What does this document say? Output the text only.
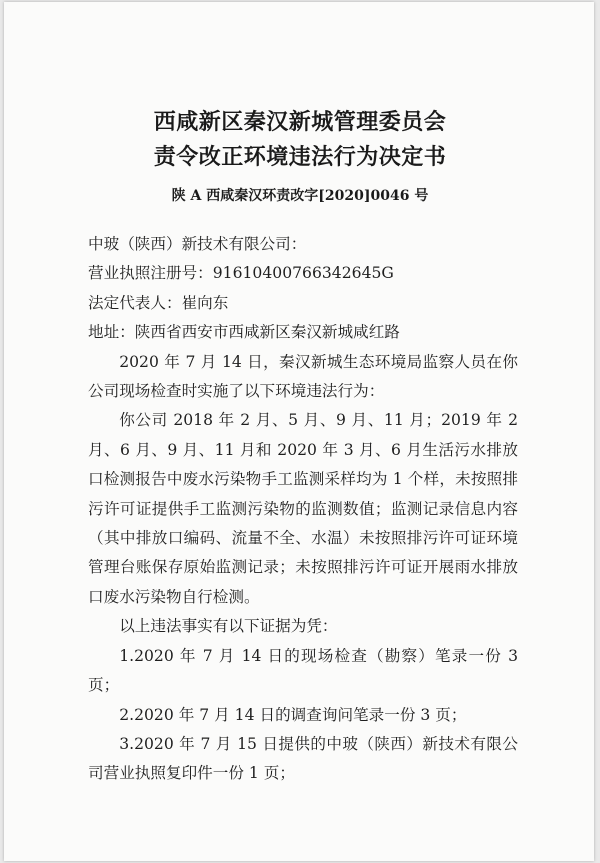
西咸新区秦汉新城管理委员会
责令改正环境违法行为决定书
陕 A 西咸秦汉环责改字[2020]0046 号

中玻（陕西）新技术有限公司：

营业执照注册号：91610400766342645G

法定代表人：崔向东

地址：陕西省西安市西咸新区秦汉新城咸红路

2020 年 7 月 14 日，秦汉新城生态环境局监察人员在你公司现场检查时实施了以下环境违法行为：

你公司 2018 年 2 月、5 月、9 月、11 月；2019 年 2 月、6 月、9 月、11 月和 2020 年 3 月、6 月生活污水排放口检测报告中废水污染物手工监测采样均为 1 个样，未按照排污许可证提供手工监测污染物的监测数值；监测记录信息内容（其中排放口编码、流量不全、水温）未按照排污许可证环境管理台账保存原始监测记录；未按照排污许可证开展雨水排放口废水污染物自行检测。

以上违法事实有以下证据为凭：

1.2020 年 7 月 14 日的现场检查（勘察）笔录一份 3 页；

2.2020 年 7 月 14 日的调查询问笔录一份 3 页；

3.2020 年 7 月 15 日提供的中玻（陕西）新技术有限公司营业执照复印件一份 1 页；
